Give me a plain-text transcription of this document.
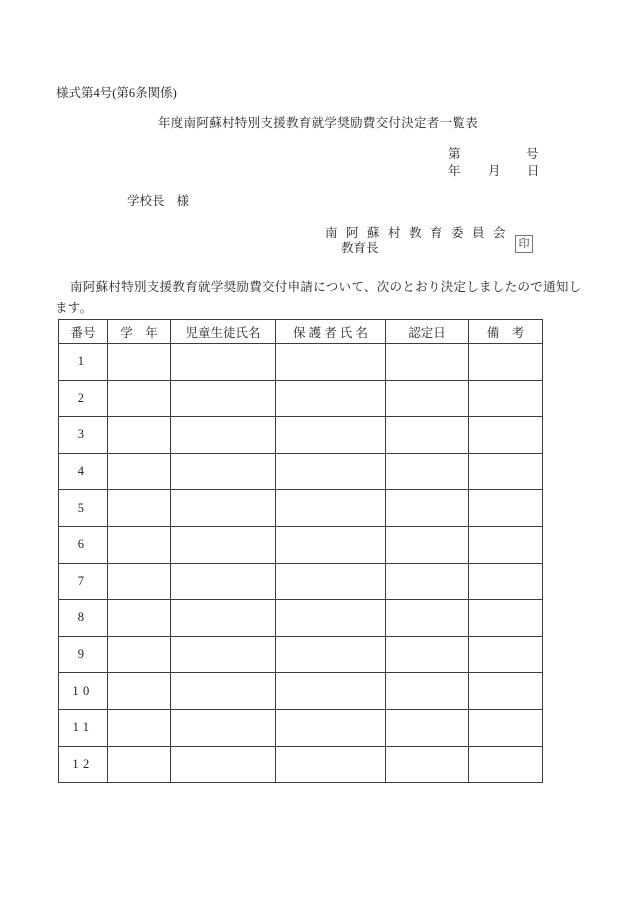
様式第4号(第6条関係)
年度南阿蘇村特別支援教育就学奨励費交付決定者一覧表
第	号
年 月 日
学校長 様
南阿蘇村教育委員会
教育長	印
南阿蘇村特別支援教育就学奨励費交付申請について、次のとおり決定しましたので通知します。
番号	学　年	児童生徒氏名	保 護 者 氏 名	認定日	備　考
1					
2					
3					
4					
5					
6					
7					
8					
9					
10					
11					
12					
